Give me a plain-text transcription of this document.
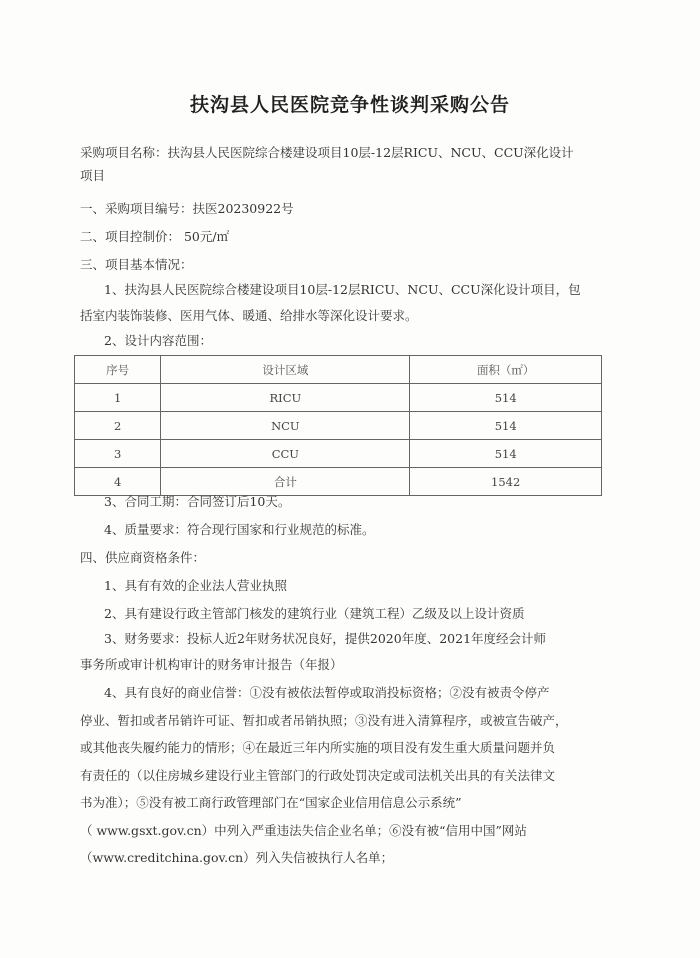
扶沟县人民医院竞争性谈判采购公告
采购项目名称：扶沟县人民医院综合楼建设项目10层-12层RICU、NCU、CCU深化设计
项目
一、采购项目编号：扶医20230922号
二、项目控制价： 50元/㎡
三、项目基本情况：
1、扶沟县人民医院综合楼建设项目10层-12层RICU、NCU、CCU深化设计项目，包
括室内装饰装修、医用气体、暖通、给排水等深化设计要求。
2、设计内容范围：
序号	设计区域	面积（㎡）
1	RICU	514
2	NCU	514
3	CCU	514
4	合计	1542
3、合同工期：合同签订后10天。
4、质量要求：符合现行国家和行业规范的标准。
四、供应商资格条件：
1、具有有效的企业法人营业执照
2、具有建设行政主管部门核发的建筑行业（建筑工程）乙级及以上设计资质
3、财务要求：投标人近2年财务状况良好，提供2020年度、2021年度经会计师
事务所或审计机构审计的财务审计报告（年报）
4、具有良好的商业信誉：①没有被依法暂停或取消投标资格；②没有被责令停产
停业、暂扣或者吊销许可证、暂扣或者吊销执照；③没有进入清算程序，或被宣告破产，
或其他丧失履约能力的情形；④在最近三年内所实施的项目没有发生重大质量问题并负
有责任的（以住房城乡建设行业主管部门的行政处罚决定或司法机关出具的有关法律文
书为准）；⑤没有被工商行政管理部门在“国家企业信用信息公示系统”
（ www.gsxt.gov.cn）中列入严重违法失信企业名单；⑥没有被“信用中国”网站
（www.creditchina.gov.cn）列入失信被执行人名单；
